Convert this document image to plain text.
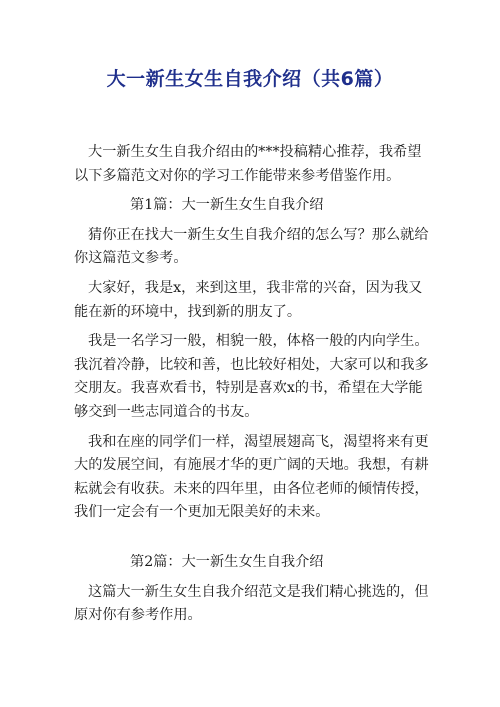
大一新生女生自我介绍（共6篇）

大一新生女生自我介绍由的***投稿精心推荐，我希望以下多篇范文对你的学习工作能带来参考借鉴作用。

第1篇：大一新生女生自我介绍

猜你正在找大一新生女生自我介绍的怎么写？那么就给你这篇范文参考。

大家好，我是x，来到这里，我非常的兴奋，因为我又能在新的环境中，找到新的朋友了。

我是一名学习一般，相貌一般，体格一般的内向学生。我沉着冷静，比较和善，也比较好相处，大家可以和我多交朋友。我喜欢看书，特别是喜欢x的书，希望在大学能够交到一些志同道合的书友。

我和在座的同学们一样，渴望展翅高飞，渴望将来有更大的发展空间，有施展才华的更广阔的天地。我想，有耕耘就会有收获。未来的四年里，由各位老师的倾情传授，我们一定会有一个更加无限美好的未来。

第2篇：大一新生女生自我介绍

这篇大一新生女生自我介绍范文是我们精心挑选的，但原对你有参考作用。
